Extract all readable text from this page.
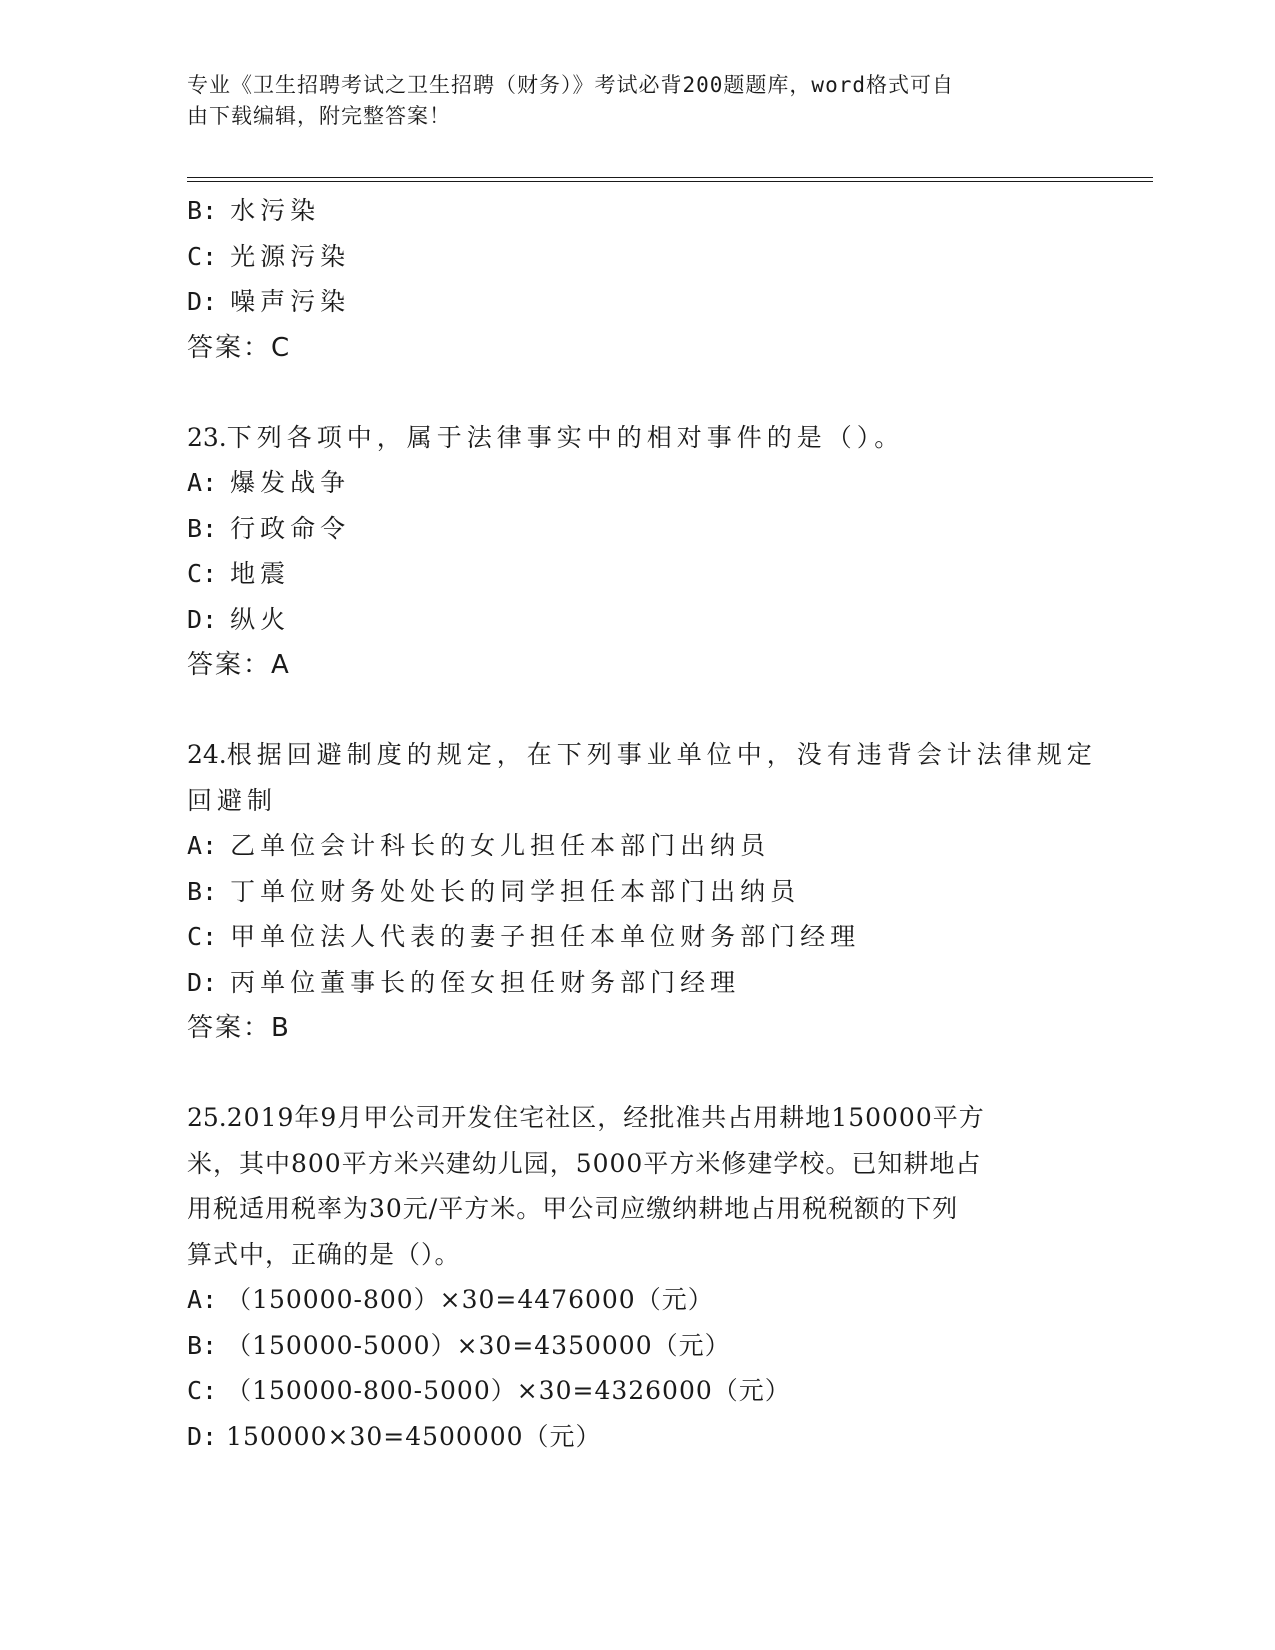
专业《卫生招聘考试之卫生招聘（财务）》考试必背200题题库，word格式可自
由下载编辑，附完整答案！
B: 水污染
C: 光源污染
D: 噪声污染
答案：C
23.下列各项中，属于法律事实中的相对事件的是（）。
A: 爆发战争
B: 行政命令
C: 地震
D: 纵火
答案：A
24.根据回避制度的规定，在下列事业单位中，没有违背会计法律规定
回避制
A: 乙单位会计科长的女儿担任本部门出纳员
B: 丁单位财务处处长的同学担任本部门出纳员
C: 甲单位法人代表的妻子担任本单位财务部门经理
D: 丙单位董事长的侄女担任财务部门经理
答案：B
25.2019年9月甲公司开发住宅社区，经批准共占用耕地150000平方
米，其中800平方米兴建幼儿园，5000平方米修建学校。已知耕地占
用税适用税率为30元/平方米。甲公司应缴纳耕地占用税税额的下列
算式中，正确的是（）。
A: （150000-800）×30=4476000（元）
B: （150000-5000）×30=4350000（元）
C: （150000-800-5000）×30=4326000（元）
D: 150000×30=4500000（元）
